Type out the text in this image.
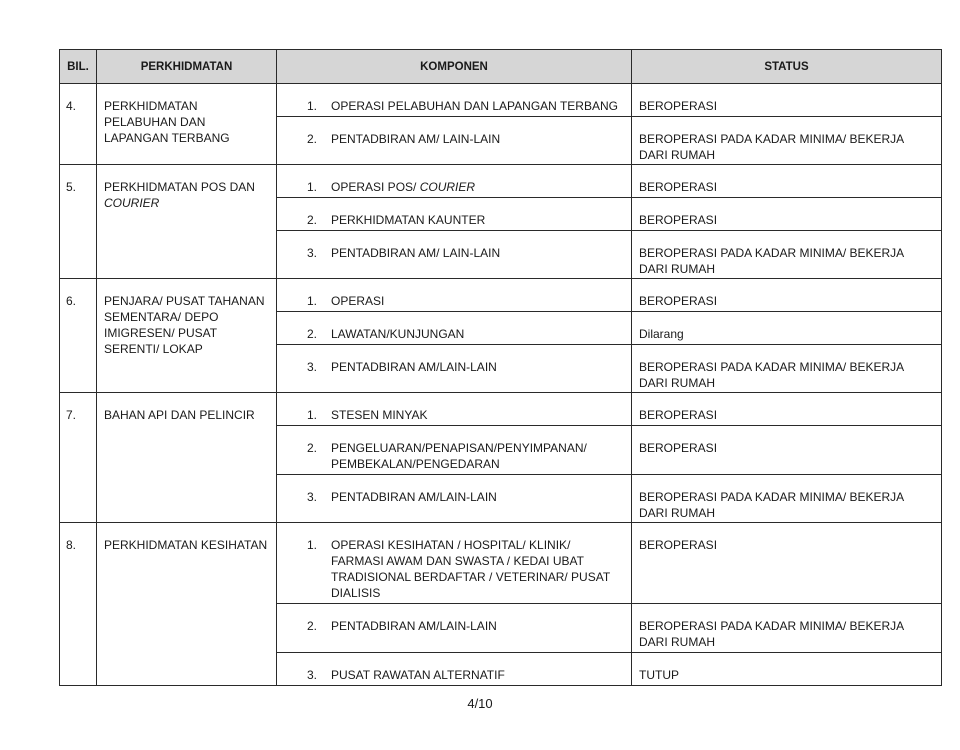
BIL.	PERKHIDMATAN	KOMPONEN	STATUS
4.	PERKHIDMATAN PELABUHAN DAN LAPANGAN TERBANG	1. OPERASI PELABUHAN DAN LAPANGAN TERBANG	BEROPERASI

		2. PENTADBIRAN AM/ LAIN-LAIN	BEROPERASI PADA KADAR MINIMA/ BEKERJA DARI RUMAH
5.	PERKHIDMATAN POS DAN COURIER	1. OPERASI POS/ COURIER	BEROPERASI

		2. PERKHIDMATAN KAUNTER	BEROPERASI

		3. PENTADBIRAN AM/ LAIN-LAIN	BEROPERASI PADA KADAR MINIMA/ BEKERJA DARI RUMAH
6.	PENJARA/ PUSAT TAHANAN SEMENTARA/ DEPO IMIGRESEN/ PUSAT SERENTI/ LOKAP	1. OPERASI	BEROPERASI

		2. LAWATAN/KUNJUNGAN	Dilarang

		3. PENTADBIRAN AM/LAIN-LAIN	BEROPERASI PADA KADAR MINIMA/ BEKERJA DARI RUMAH
7.	BAHAN API DAN PELINCIR	1. STESEN MINYAK	BEROPERASI

		2. PENGELUARAN/PENAPISAN/PENYIMPANAN/ PEMBEKALAN/PENGEDARAN	BEROPERASI

		3. PENTADBIRAN AM/LAIN-LAIN	BEROPERASI PADA KADAR MINIMA/ BEKERJA DARI RUMAH
8.	PERKHIDMATAN KESIHATAN	1. OPERASI KESIHATAN / HOSPITAL/ KLINIK/ FARMASI AWAM DAN SWASTA / KEDAI UBAT TRADISIONAL BERDAFTAR / VETERINAR/ PUSAT DIALISIS	BEROPERASI

		2. PENTADBIRAN AM/LAIN-LAIN	BEROPERASI PADA KADAR MINIMA/ BEKERJA DARI RUMAH

		3. PUSAT RAWATAN ALTERNATIF	TUTUP
4/10
